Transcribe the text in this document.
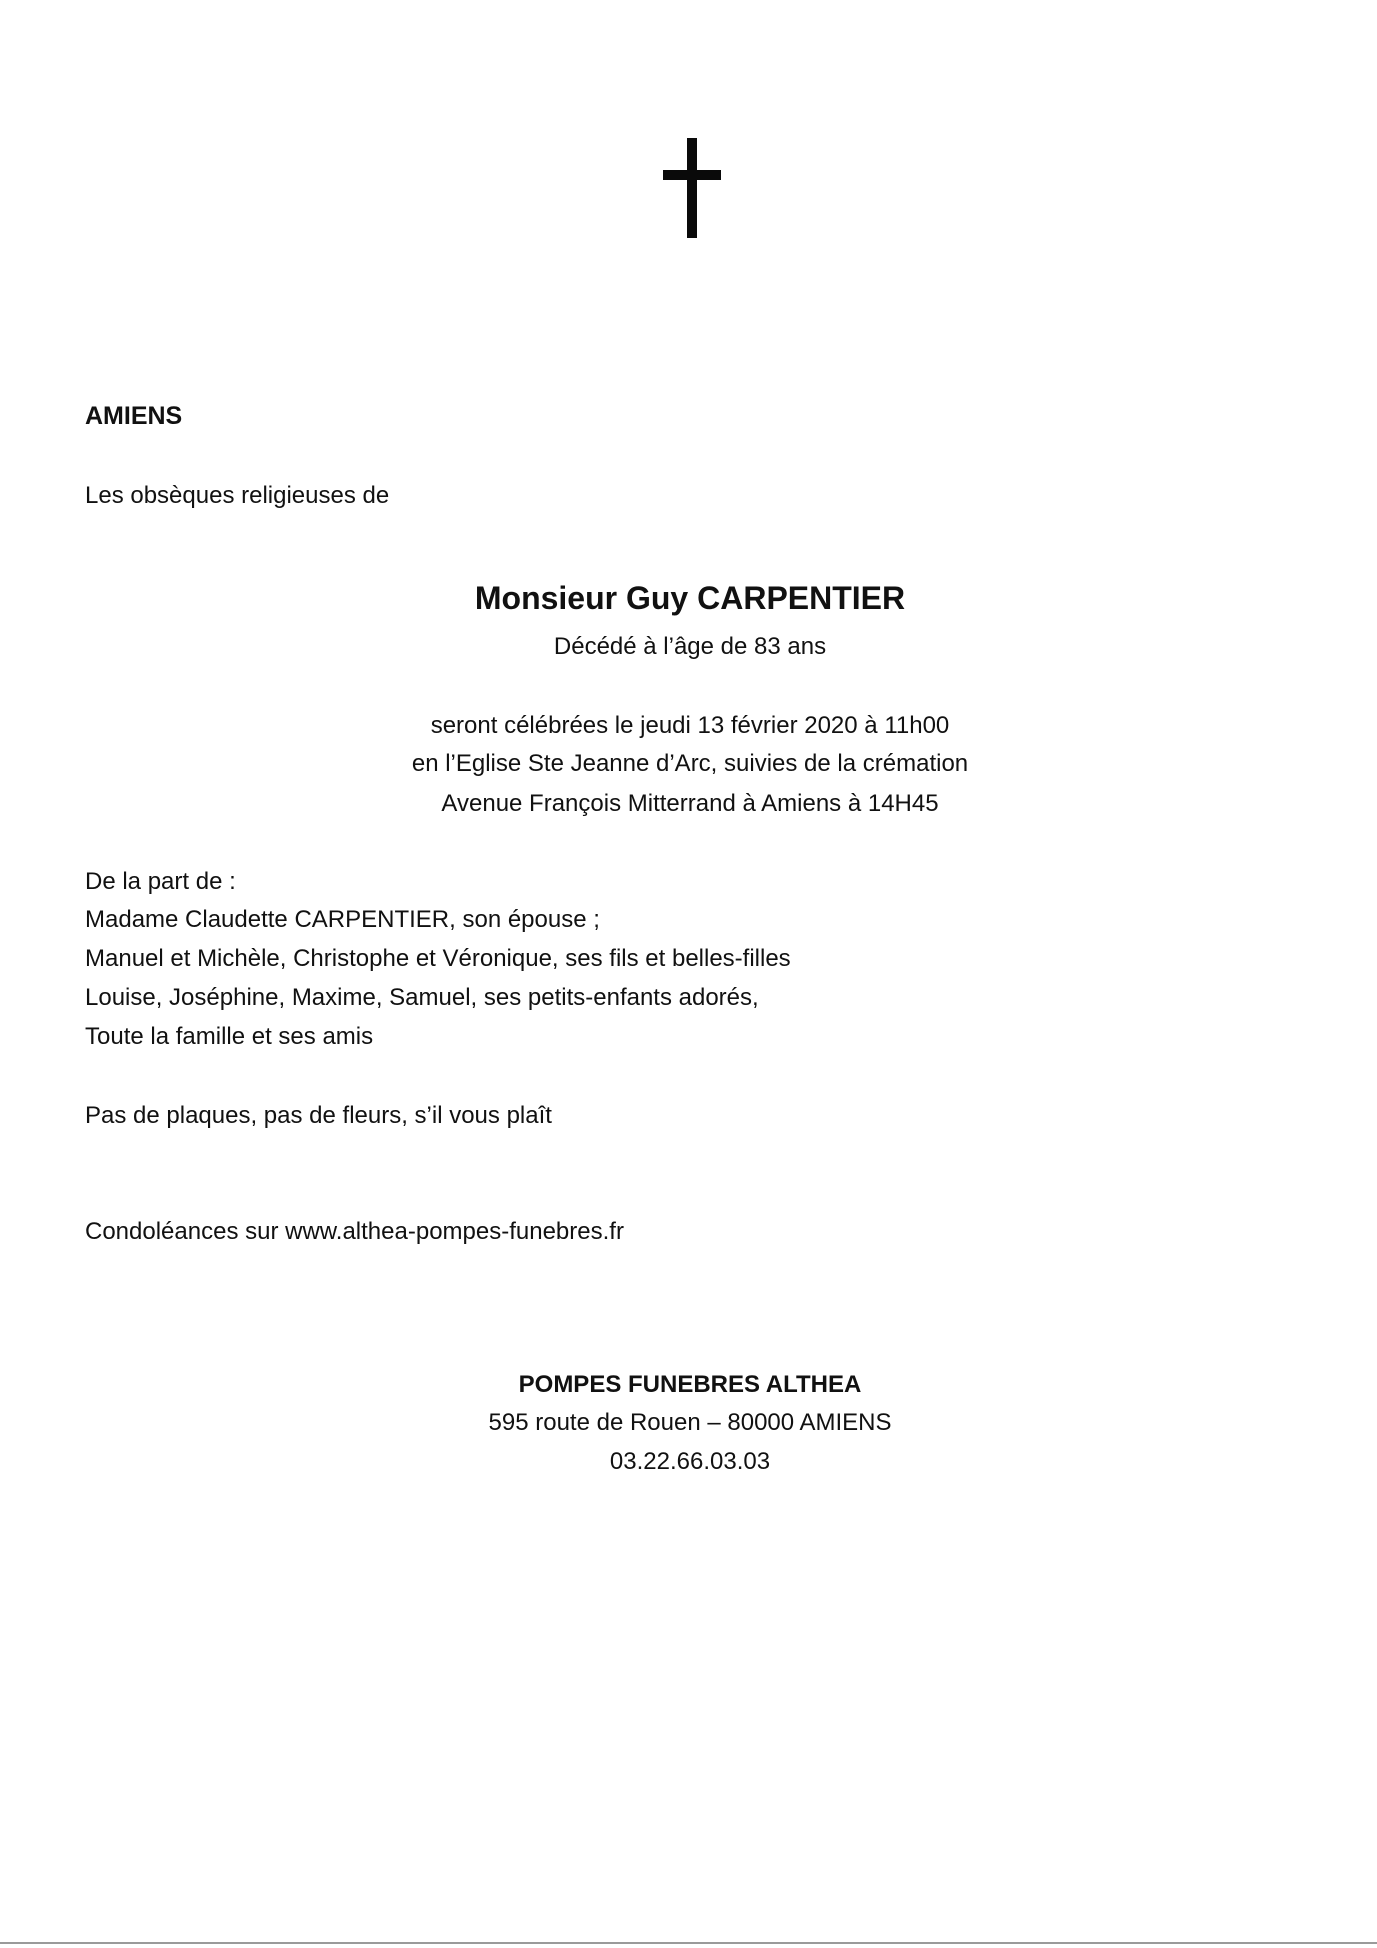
AMIENS
Les obsèques religieuses de
Monsieur Guy CARPENTIER
Décédé à l’âge de 83 ans
seront célébrées le jeudi 13 février 2020 à 11h00
en l’Eglise Ste Jeanne d’Arc, suivies de la crémation
Avenue François Mitterrand à Amiens à 14H45
De la part de :
Madame Claudette CARPENTIER, son épouse ;
Manuel et Michèle, Christophe et Véronique, ses fils et belles-filles
Louise, Joséphine, Maxime, Samuel, ses petits-enfants adorés,
Toute la famille et ses amis
Pas de plaques, pas de fleurs, s’il vous plaît
Condoléances sur www.althea-pompes-funebres.fr
POMPES FUNEBRES ALTHEA
595 route de Rouen – 80000 AMIENS
03.22.66.03.03
